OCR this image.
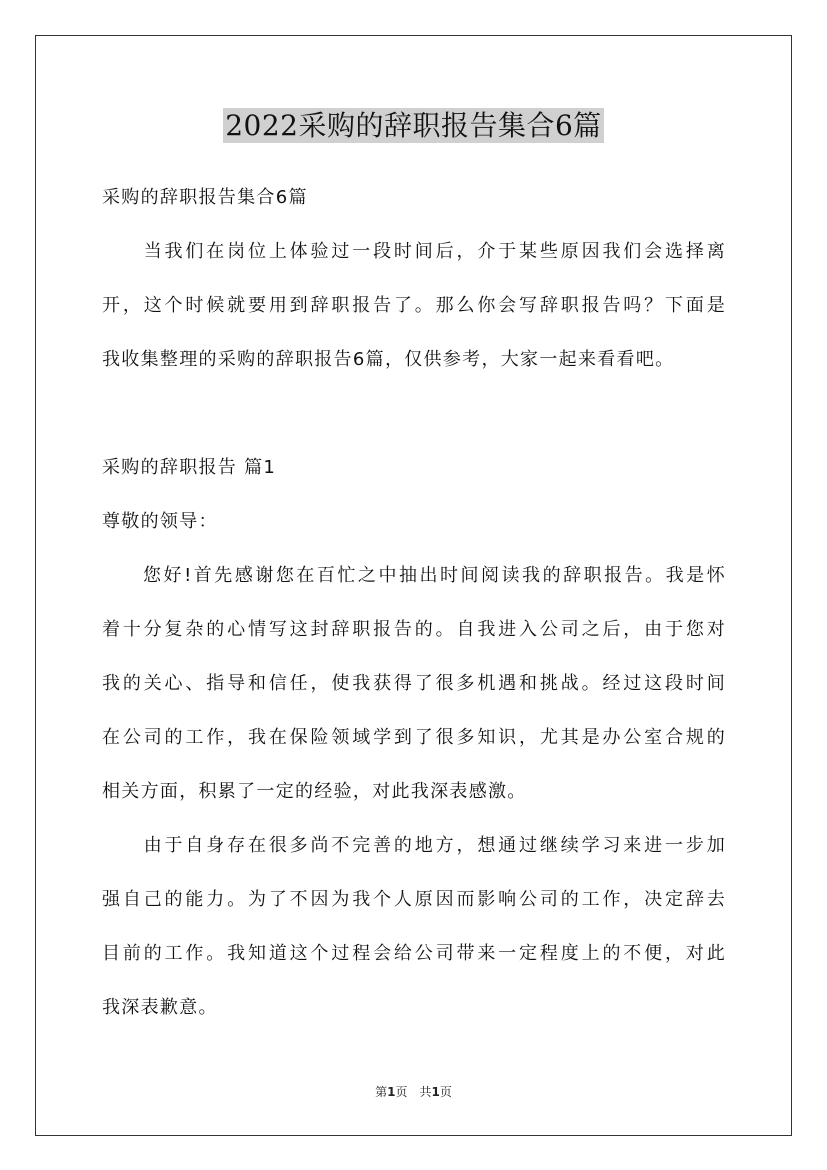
2022采购的辞职报告集合6篇
采购的辞职报告集合6篇
　　当我们在岗位上体验过一段时间后，介于某些原因我们会选择离
开，这个时候就要用到辞职报告了。那么你会写辞职报告吗？下面是
我收集整理的采购的辞职报告6篇，仅供参考，大家一起来看看吧。
采购的辞职报告 篇1
尊敬的领导：
　　您好!首先感谢您在百忙之中抽出时间阅读我的辞职报告。我是怀
着十分复杂的心情写这封辞职报告的。自我进入公司之后，由于您对
我的关心、指导和信任，使我获得了很多机遇和挑战。经过这段时间
在公司的工作，我在保险领域学到了很多知识，尤其是办公室合规的
相关方面，积累了一定的经验，对此我深表感激。
　　由于自身存在很多尚不完善的地方，想通过继续学习来进一步加
强自己的能力。为了不因为我个人原因而影响公司的工作，决定辞去
目前的工作。我知道这个过程会给公司带来一定程度上的不便，对此
我深表歉意。
第1页　共1页
